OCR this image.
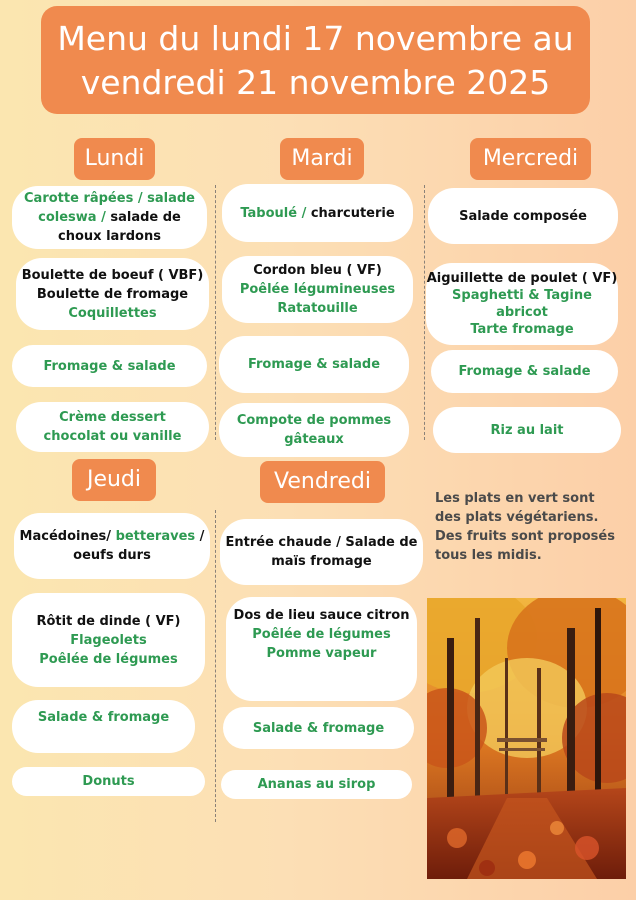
Menu du lundi 17 novembre au
vendredi 21 novembre 2025
Lundi	Mardi	Mercredi
Jeudi	Vendredi
Carotte râpées / salade
coleswa / salade de
choux lardons
Boulette de boeuf ( VBF)
Boulette de fromage
Coquillettes
Fromage & salade
Crème dessert
chocolat ou vanille
Taboulé / charcuterie
Cordon bleu ( VF)
Poêlée légumineuses
Ratatouille
Fromage & salade
Compote de pommes
gâteaux
Salade composée
Aiguillette de poulet ( VF)
Spaghetti & Tagine
abricot
Tarte fromage
Fromage & salade
Riz au lait
Macédoines/ betteraves /
oeufs durs
Rôtit de dinde ( VF)
Flageolets
Poêlée de légumes
Salade & fromage
Donuts
Entrée chaude / Salade de
maïs fromage
Dos de lieu sauce citron
Poêlée de légumes
Pomme vapeur
Salade & fromage
Ananas au sirop
Les plats en vert sont
des plats végétariens.
Des fruits sont proposés
tous les midis.
